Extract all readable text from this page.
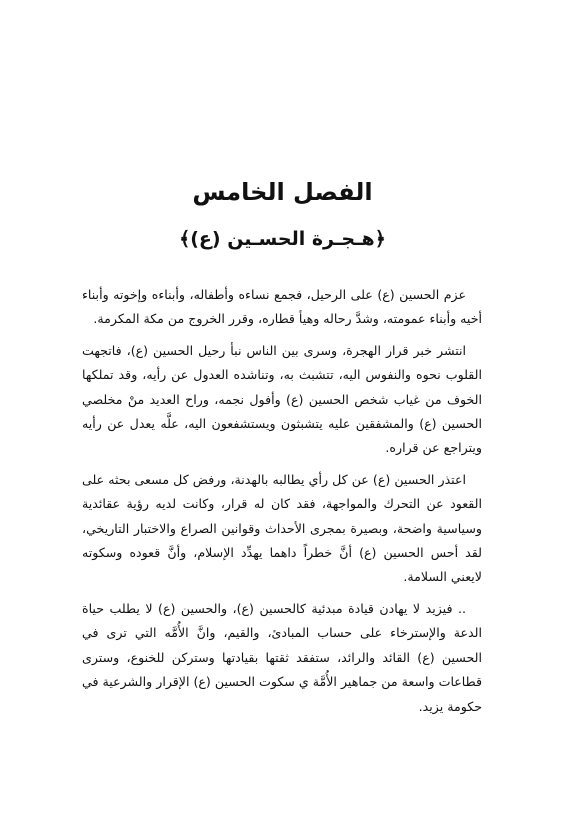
الفصل الخامس
﴿هـجـرة الحسـين (ع)﴾

عزم الحسين (ع) على الرحيل، فجمع نساءه وأطفاله، وأبناءه وإخوته وأبناء أخيه وأبناء عمومته، وشدَّ رحاله وهيأ قطاره، وقرر الخروج من مكة المكرمة.

انتشر خبر قرار الهجرة، وسرى بين الناس نبأ رحيل الحسين (ع)، فاتجهت القلوب نحوه والنفوس اليه، تتشبث به، وتناشده العدول عن رأيه، وقد تملكها الخوف من غياب شخص الحسين (ع) وأفول نجمه، وراح العديد منْ مخلصي الحسين (ع) والمشفقين عليه يتشبثون ويستشفعون اليه، علَّه يعدل عن رأيه ويتراجع عن قراره.

اعتذر الحسين (ع) عن كل رأي يطالبه بالهدنة، ورفض كل مسعى بحثه على القعود عن التحرك والمواجهة، فقد كان له قرار، وكانت لديه رؤية عقائدية وسياسية واضحة، وبصيرة بمجرى الأحداث وقوانين الصراع والاختبار التاريخي، لقد أحس الحسين (ع) أنَّ خطراً داهما يهدِّد الإسلام، وأنَّ قعوده وسكوته لايعني السلامة.

.. فيزيد لا يهادن قيادة مبدئية كالحسين (ع)، والحسين (ع) لا يطلب حياة الدعة والإسترخاء على حساب المبادئ، والقيم، وانَّ الأُمَّه التي ترى في الحسين (ع) القائد والرائد، ستفقد ثقتها بقيادتها وستركن للخنوع، وسترى قطاعات واسعة من جماهير الأُمَّة ي سكوت الحسين (ع) الإقرار والشرعية في حكومة يزيد.
